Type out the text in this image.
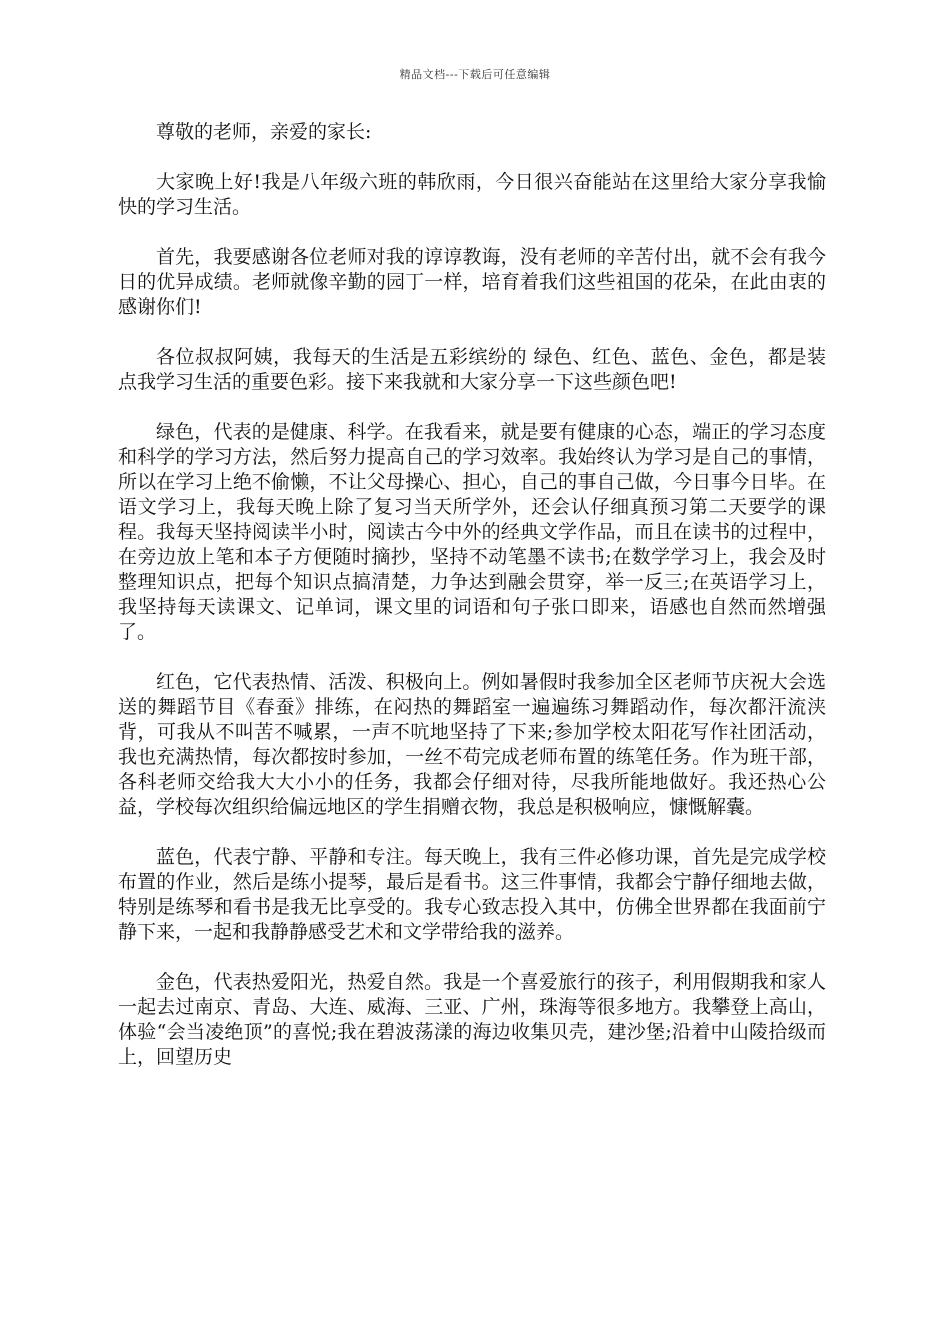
精品文档---下载后可任意编辑

尊敬的老师，亲爱的家长:

大家晚上好!我是八年级六班的韩欣雨，今日很兴奋能站在这里给大家分享我愉快的学习生活。

首先，我要感谢各位老师对我的谆谆教诲，没有老师的辛苦付出，就不会有我今日的优异成绩。老师就像辛勤的园丁一样，培育着我们这些祖国的花朵，在此由衷的感谢你们!

各位叔叔阿姨，我每天的生活是五彩缤纷的 绿色、红色、蓝色、金色，都是装点我学习生活的重要色彩。接下来我就和大家分享一下这些颜色吧!

绿色，代表的是健康、科学。在我看来，就是要有健康的心态，端正的学习态度和科学的学习方法，然后努力提高自己的学习效率。我始终认为学习是自己的事情，所以在学习上绝不偷懒，不让父母操心、担心，自己的事自己做，今日事今日毕。在语文学习上，我每天晚上除了复习当天所学外，还会认仔细真预习第二天要学的课程。我每天坚持阅读半小时，阅读古今中外的经典文学作品，而且在读书的过程中，在旁边放上笔和本子方便随时摘抄，坚持不动笔墨不读书;在数学学习上，我会及时整理知识点，把每个知识点搞清楚，力争达到融会贯穿，举一反三;在英语学习上，我坚持每天读课文、记单词，课文里的词语和句子张口即来，语感也自然而然增强了。

红色，它代表热情、活泼、积极向上。例如暑假时我参加全区老师节庆祝大会选送的舞蹈节目《春蚕》排练，在闷热的舞蹈室一遍遍练习舞蹈动作，每次都汗流浃背，可我从不叫苦不喊累，一声不吭地坚持了下来;参加学校太阳花写作社团活动，我也充满热情，每次都按时参加，一丝不苟完成老师布置的练笔任务。作为班干部，各科老师交给我大大小小的任务，我都会仔细对待，尽我所能地做好。我还热心公益，学校每次组织给偏远地区的学生捐赠衣物，我总是积极响应，慷慨解囊。

蓝色，代表宁静、平静和专注。每天晚上，我有三件必修功课，首先是完成学校布置的作业，然后是练小提琴，最后是看书。这三件事情，我都会宁静仔细地去做，特别是练琴和看书是我无比享受的。我专心致志投入其中，仿佛全世界都在我面前宁静下来，一起和我静静感受艺术和文学带给我的滋养。

金色，代表热爱阳光，热爱自然。我是一个喜爱旅行的孩子，利用假期我和家人一起去过南京、青岛、大连、威海、三亚、广州，珠海等很多地方。我攀登上高山，体验“会当凌绝顶”的喜悦;我在碧波荡漾的海边收集贝壳，建沙堡;沿着中山陵拾级而上，回望历史
